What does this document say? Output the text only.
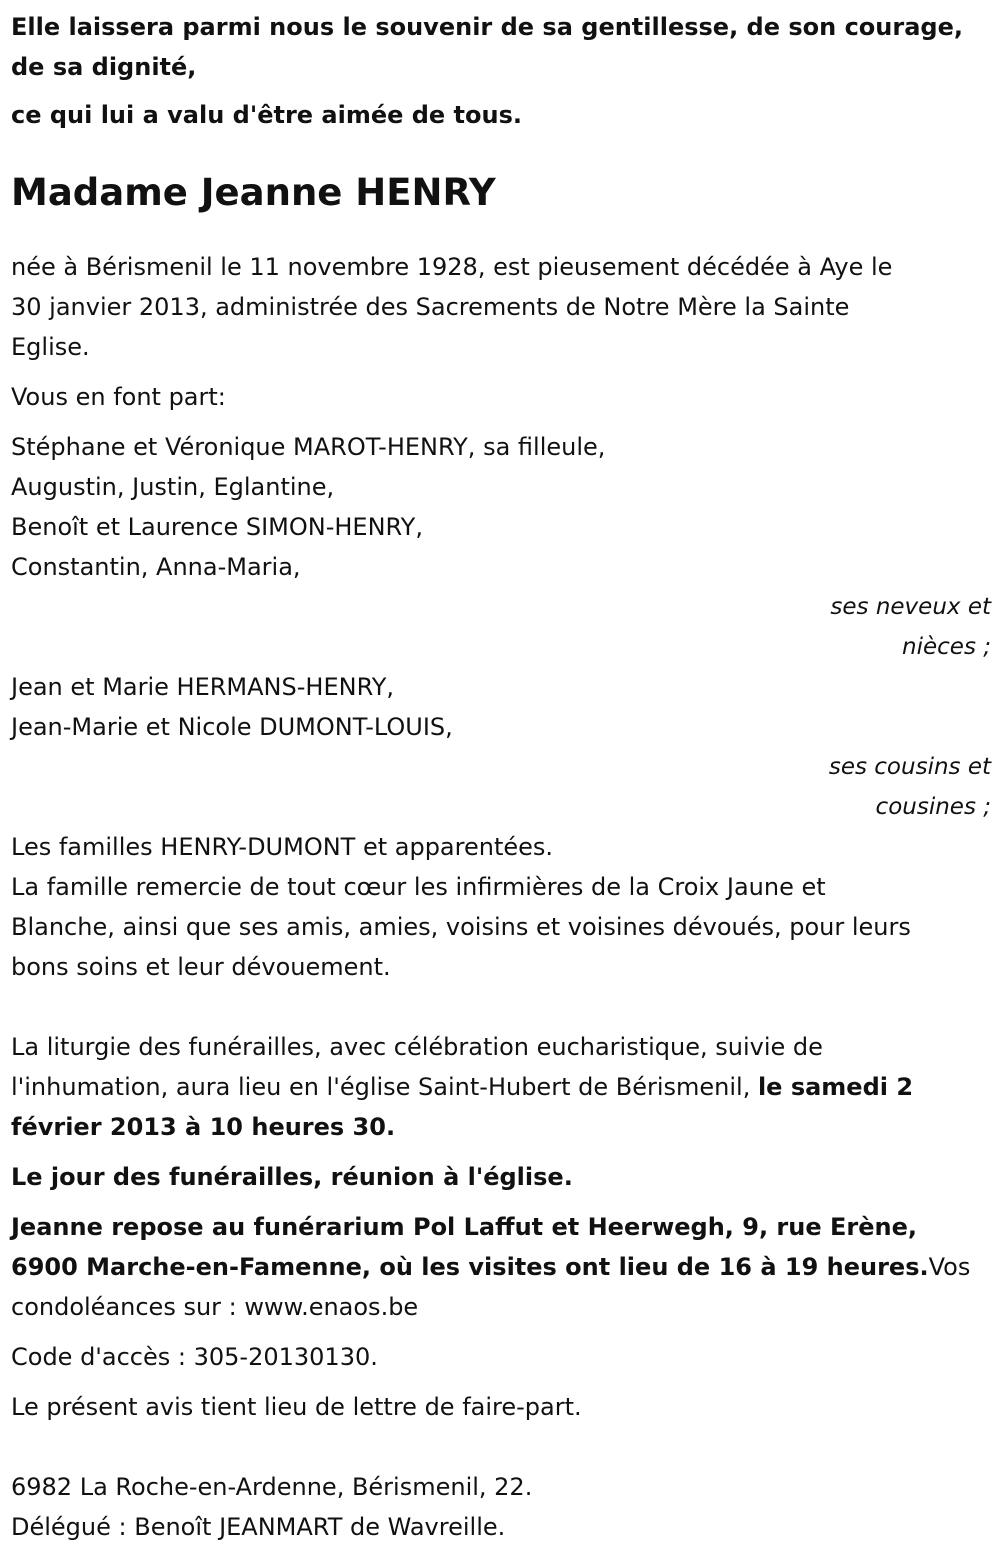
Elle laissera parmi nous le souvenir de sa gentillesse, de son courage,

de sa dignité,

ce qui lui a valu d'être aimée de tous.

Madame Jeanne HENRY

née à Bérismenil le 11 novembre 1928, est pieusement décédée à Aye le

30 janvier 2013, administrée des Sacrements de Notre Mère la Sainte

Eglise.

Vous en font part:

Stéphane et Véronique MAROT-HENRY, sa filleule,

Augustin, Justin, Eglantine,

Benoît et Laurence SIMON-HENRY,

Constantin, Anna-Maria,

ses neveux et

nièces ;

Jean et Marie HERMANS-HENRY,

Jean-Marie et Nicole DUMONT-LOUIS,

ses cousins et

cousines ;

Les familles HENRY-DUMONT et apparentées.

La famille remercie de tout cœur les infirmières de la Croix Jaune et

Blanche, ainsi que ses amis, amies, voisins et voisines dévoués, pour leurs

bons soins et leur dévouement.

La liturgie des funérailles, avec célébration eucharistique, suivie de

l'inhumation, aura lieu en l'église Saint-Hubert de Bérismenil, le samedi 2

février 2013 à 10 heures 30.

Le jour des funérailles, réunion à l'église.

Jeanne repose au funérarium Pol Laffut et Heerwegh, 9, rue Erène,

6900 Marche-en-Famenne, où les visites ont lieu de 16 à 19 heures.Vos

condoléances sur : www.enaos.be

Code d'accès : 305-20130130.

Le présent avis tient lieu de lettre de faire-part.

6982 La Roche-en-Ardenne, Bérismenil, 22.

Délégué : Benoît JEANMART de Wavreille.
